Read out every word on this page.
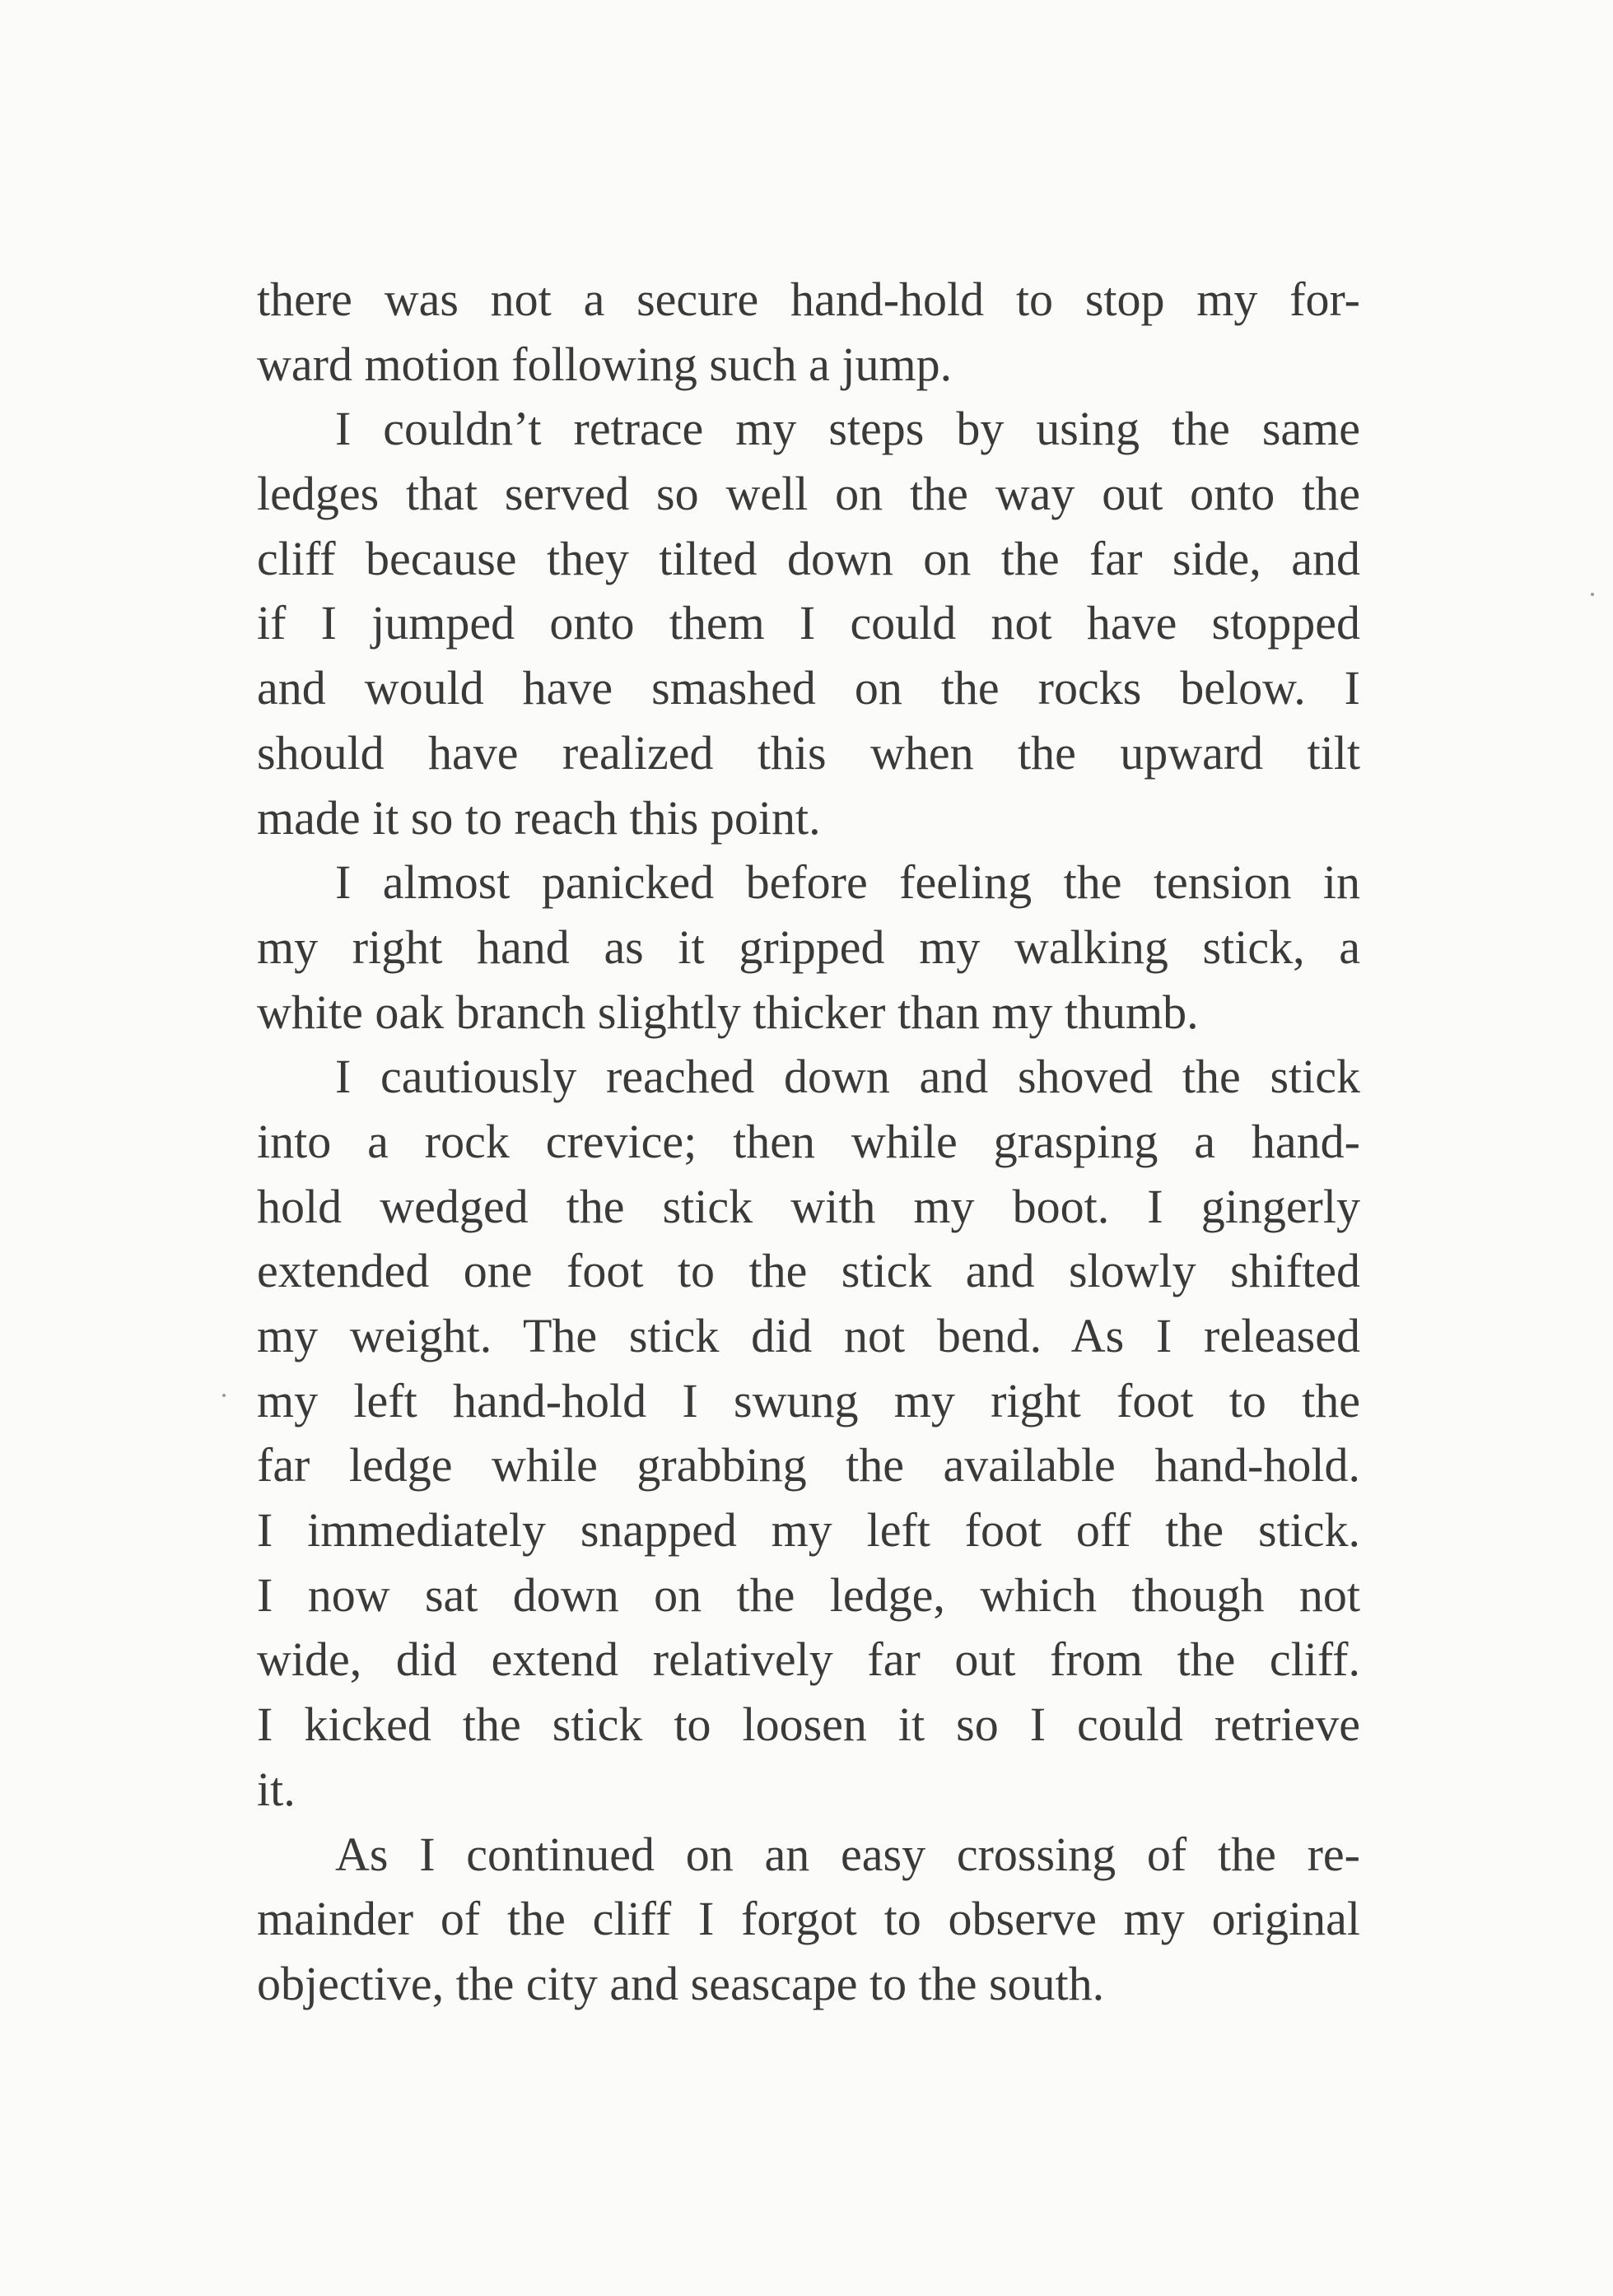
there was not a secure hand-hold to stop my for-
ward motion following such a jump.

I couldn’t retrace my steps by using the same
ledges that served so well on the way out onto the
cliff because they tilted down on the far side, and
if I jumped onto them I could not have stopped
and would have smashed on the rocks below. I
should have realized this when the upward tilt
made it so to reach this point.

I almost panicked before feeling the tension in
my right hand as it gripped my walking stick, a
white oak branch slightly thicker than my thumb.

I cautiously reached down and shoved the stick
into a rock crevice; then while grasping a hand-
hold wedged the stick with my boot. I gingerly
extended one foot to the stick and slowly shifted
my weight. The stick did not bend. As I released
my left hand-hold I swung my right foot to the
far ledge while grabbing the available hand-hold.
I immediately snapped my left foot off the stick.
I now sat down on the ledge, which though not
wide, did extend relatively far out from the cliff.
I kicked the stick to loosen it so I could retrieve
it.

As I continued on an easy crossing of the re-
mainder of the cliff I forgot to observe my original
objective, the city and seascape to the south.
